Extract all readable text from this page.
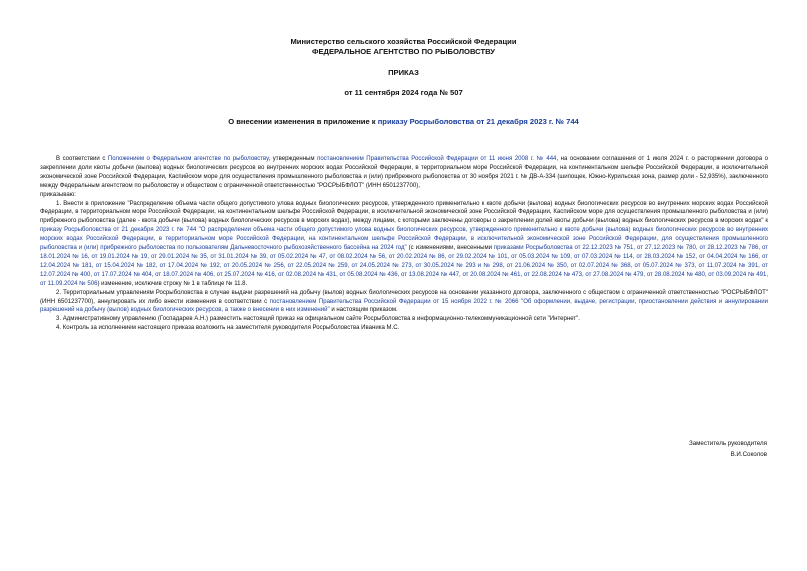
Министерство сельского хозяйства Российской Федерации
ФЕДЕРАЛЬНОЕ АГЕНТСТВО ПО РЫБОЛОВСТВУ
ПРИКАЗ
от 11 сентября 2024 года № 507
О внесении изменения в приложение к приказу Росрыболовства от 21 декабря 2023 г. № 744

В соответствии с Положением о Федеральном агентстве по рыболовству, утвержденным постановлением Правительства Российской Федерации от 11 июня 2008 г. № 444, на основании соглашения от 1 июля 2024 г. о расторжении договора о закреплении доли квоты добычи (вылова) водных биологических ресурсов во внутренних морских водах Российской Федерации, в территориальном море Российской Федерации, на континентальном шельфе Российской Федерации, в исключительной экономической зоне Российской Федерации, Каспийском море для осуществления промышленного рыболовства и (или) прибрежного рыболовства от 30 ноября 2021 г. № ДВ-А-334 (шипощек, Южно-Курильская зона, размер доли - 52,935%), заключенного между Федеральным агентством по рыболовству и обществом с ограниченной ответственностью "РОСРЫБФЛОТ" (ИНН 6501237700),

приказываю:

1. Внести в приложение "Распределение объема части общего допустимого улова водных биологических ресурсов, утвержденного применительно к квоте добычи (вылова) водных биологических ресурсов во внутренних морских водах Российской Федерации, в территориальном море Российской Федерации, на континентальном шельфе Российской Федерации, в исключительной экономической зоне Российской Федерации, Каспийском море для осуществления промышленного рыболовства и (или) прибрежного рыболовства (далее - квота добычи (вылова) водных биологических ресурсов в морских водах), между лицами, с которыми заключены договоры о закреплении долей квоты добычи (вылова) водных биологических ресурсов в морских водах" к приказу Росрыболовства от 21 декабря 2023 г. № 744 "О распределении объема части общего допустимого улова водных биологических ресурсов, утвержденного применительно к квоте добычи (вылова) водных биологических ресурсов во внутренних морских водах Российской Федерации, в территориальном море Российской Федерации, на континентальном шельфе Российской Федерации, в исключительной экономической зоне Российской Федерации, для осуществления промышленного рыболовства и (или) прибрежного рыболовства по пользователям Дальневосточного рыбохозяйственного бассейна на 2024 год" (с изменениями, внесенными приказами Росрыболовства от 22.12.2023 № 751, от 27.12.2023 № 780, от 28.12.2023 № 786, от 18.01.2024 № 16, от 19.01.2024 № 19, от 29.01.2024 № 35, от 31.01.2024 № 39, от 05.02.2024 № 47, от 08.02.2024 № 56, от 20.02.2024 № 86, от 29.02.2024 № 101, от 05.03.2024 № 109, от 07.03.2024 № 114, от 28.03.2024 № 152, от 04.04.2024 № 166, от 12.04.2024 № 181, от 15.04.2024 № 182, от 17.04.2024 № 192, от 20.05.2024 № 256, от 22.05.2024 № 259, от 24.05.2024 № 273, от 30.05.2024 № 293 и № 298, от 21.06.2024 № 350, от 02.07.2024 № 368, от 05.07.2024 № 373, от 11.07.2024 № 391, от 12.07.2024 № 400, от 17.07.2024 № 404, от 18.07.2024 № 406, от 25.07.2024 № 416, от 02.08.2024 № 431, от 05.08.2024 № 436, от 13.08.2024 № 447, от 20.08.2024 № 461, от 22.08.2024 № 473, от 27.08.2024 № 479, от 28.08.2024 № 480, от 03.09.2024 № 491, от 11.09.2024 № 506) изменение, исключив строку № 1 в таблице № 11.8.

2. Территориальным управлениям Росрыболовства в случае выдачи разрешений на добычу (вылов) водных биологических ресурсов на основании указанного договора, заключенного с обществом с ограниченной ответственностью "РОСРЫБФЛОТ" (ИНН 6501237700), аннулировать их либо внести изменения в соответствии с постановлением Правительства Российской Федерации от 15 ноября 2022 г. № 2066 "Об оформлении, выдаче, регистрации, приостановлении действия и аннулировании разрешений на добычу (вылов) водных биологических ресурсов, а также о внесении в них изменений" и настоящим приказом.

3. Административному управлению (Госпадарев А.Н.) разместить настоящий приказ на официальном сайте Росрыболовства в информационно-телекоммуникационной сети "Интернет".

4. Контроль за исполнением настоящего приказа возложить на заместителя руководителя Росрыболовства Иваника М.С.

Заместитель руководителя
В.И.Соколов
